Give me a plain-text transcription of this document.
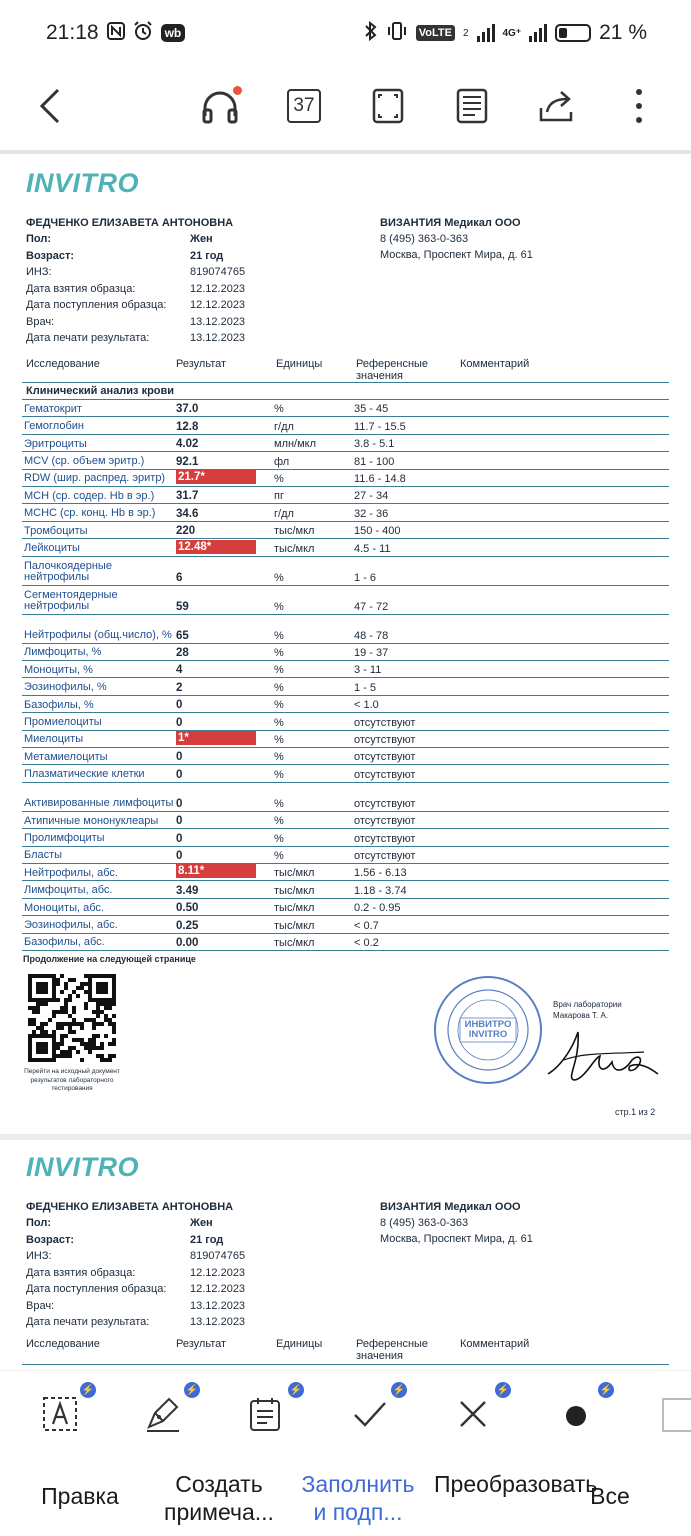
21:18	wb	VoLTE	2	4G⁺	21 %
37
INVITRO
ФЕДЧЕНКО ЕЛИЗАВЕТА АНТОНОВНА
Пол:	Жен
Возраст:	21 год
ИНЗ:	819074765
Дата взятия образца:	12.12.2023
Дата поступления образца: 12.12.2023
Врач:	13.12.2023
Дата печати результата:	13.12.2023
ВИЗАНТИЯ Медикал ООО
8 (495) 363-0-363
Москва, Проспект Мира, д. 61
Исследование	Результат	Единицы	Референсные значения
Комментарий
Клинический анализ крови
Гематокрит	37.0	%	35 - 45
Гемоглобин	12.8	г/дл	11.7 - 15.5
Эритроциты	4.02	млн/мкл	3.8 - 5.1
MCV (ср. объем эритр.)	92.1	фл	81 - 100
RDW (шир. распред. эритр)	21.7*	%	11.6 - 14.8
MCH (ср. содер. Hb в эр.)	31.7	пг	27 - 34
MCHC (ср. конц. Hb в эр.)	34.6	г/дл	32 - 36
Тромбоциты	220	тыс/мкл	150 - 400
Лейкоциты	12.48*	тыс/мкл	4.5 - 11
Палочкоядерные нейтрофилы	6	%	1 - 6
Сегментоядерные нейтрофилы	59	%	47 - 72
Нейтрофилы (общ.число), % 65	%	48 - 78
Лимфоциты, %	28	%	19 - 37
Моноциты, %	4	%	3 - 11
Эозинофилы, %	2	%	1 - 5
Базофилы, %	0	%	< 1.0
Промиелоциты	0	%	отсутствуют
Миелоциты	1*	%	отсутствуют
Метамиелоциты	0	%	отсутствуют
Плазматические клетки	0	%	отсутствуют
Активированные лимфоциты 0	%	отсутствуют
Атипичные мононуклеары	0	%	отсутствуют
Пролимфоциты	0	%	отсутствуют
Бласты	0	%	отсутствуют
Нейтрофилы, абс.	8.11*	тыс/мкл	1.56 - 6.13
Лимфоциты, абс.	3.49	тыс/мкл	1.18 - 3.74
Моноциты, абс.	0.50	тыс/мкл	0.2 - 0.95
Эозинофилы, абс.	0.25	тыс/мкл	< 0.7
Базофилы, абс.	0.00	тыс/мкл	< 0.2
Продолжение на следующей странице
Перейти на исходный документ результатов лабораторного тестирования
ИНВИТРО INVITRO
Врач лаборатории
Макарова Т. А.
стр.1 из 2
INVITRO
ФЕДЧЕНКО ЕЛИЗАВЕТА АНТОНОВНА
Пол:	Жен
Возраст:	21 год
ИНЗ:	819074765
Дата взятия образца:	12.12.2023
Дата поступления образца: 12.12.2023
Врач:	13.12.2023
Дата печати результата:	13.12.2023
ВИЗАНТИЯ Медикал ООО
8 (495) 363-0-363
Москва, Проспект Мира, д. 61
Исследование	Результат	Единицы	Референсные значения
Комментарий
⚡	⚡	⚡	⚡	⚡	⚡
Правка	Создать примеча...
Заполнить и подп...
Преобразовать
Все
